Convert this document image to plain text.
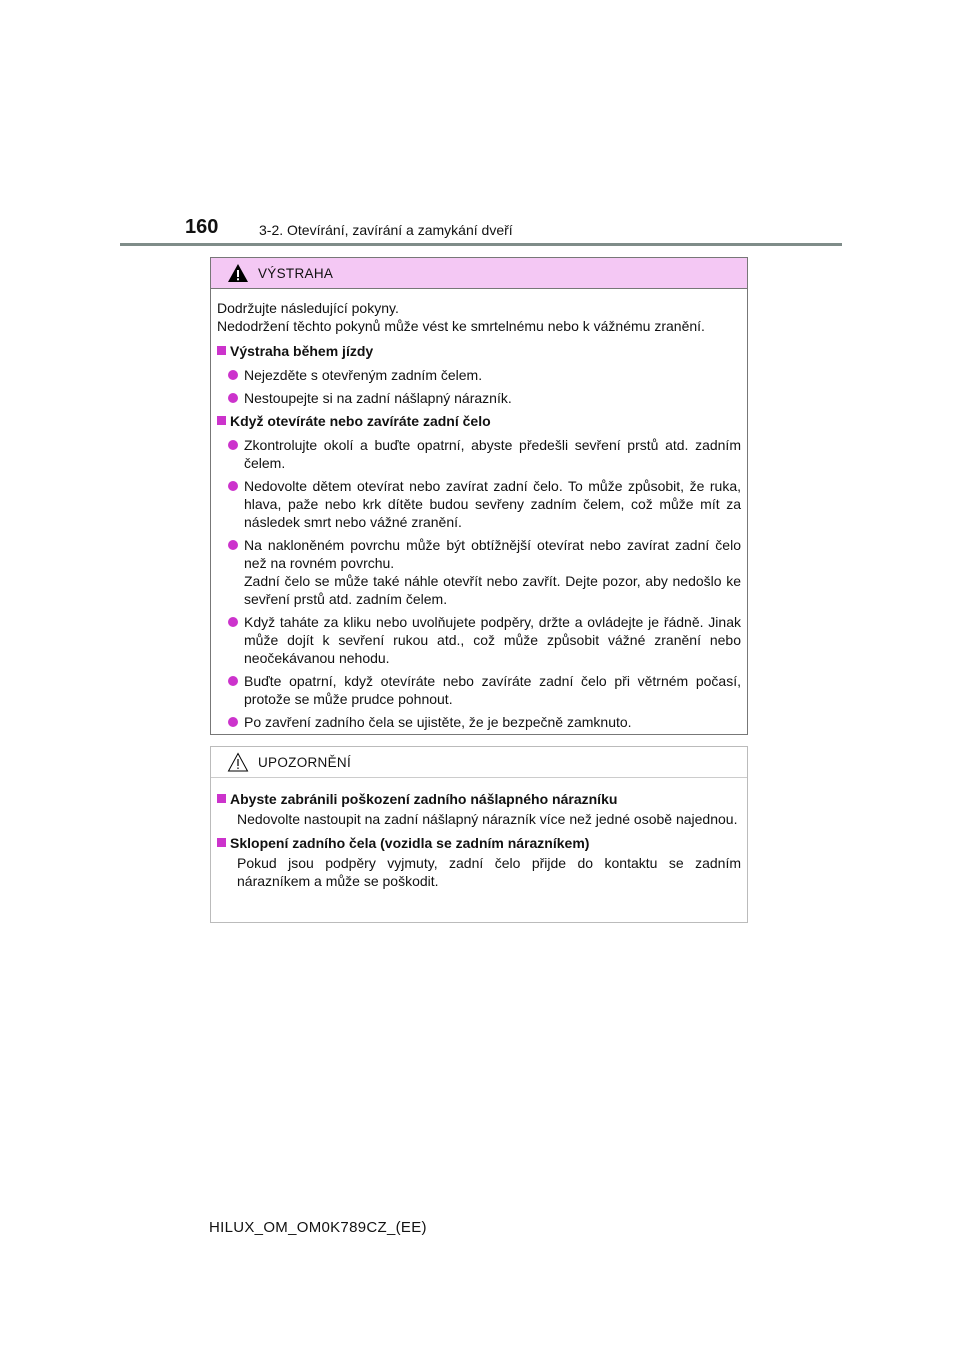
160	3-2. Otevírání, zavírání a zamykání dveří
VÝSTRAHA
Dodržujte následující pokyny.
Nedodržení těchto pokynů může vést ke smrtelnému nebo k vážnému zranění.
Výstraha během jízdy
Nejezděte s otevřeným zadním čelem.
Nestoupejte si na zadní nášlapný nárazník.
Když otevíráte nebo zavíráte zadní čelo
Zkontrolujte okolí a buďte opatrní, abyste předešli sevření prstů atd. zadním čelem.
Nedovolte dětem otevírat nebo zavírat zadní čelo. To může způsobit, že ruka, hlava, paže nebo krk dítěte budou sevřeny zadním čelem, což může mít za následek smrt nebo vážné zranění.
Na nakloněném povrchu může být obtížnější otevírat nebo zavírat zadní čelo než na rovném povrchu.
Zadní čelo se může také náhle otevřít nebo zavřít. Dejte pozor, aby nedošlo ke sevření prstů atd. zadním čelem.
Když taháte za kliku nebo uvolňujete podpěry, držte a ovládejte je řádně. Jinak může dojít k sevření rukou atd., což může způsobit vážné zranění nebo neočekávanou nehodu.
Buďte opatrní, když otevíráte nebo zavíráte zadní čelo při větrném počasí, protože se může prudce pohnout.
Po zavření zadního čela se ujistěte, že je bezpečně zamknuto.
UPOZORNĚNÍ
Abyste zabránili poškození zadního nášlapného nárazníku
Nedovolte nastoupit na zadní nášlapný nárazník více než jedné osobě najednou.
Sklopení zadního čela (vozidla se zadním nárazníkem)
Pokud jsou podpěry vyjmuty, zadní čelo přijde do kontaktu se zadním nárazníkem a může se poškodit.
HILUX_OM_OM0K789CZ_(EE)
